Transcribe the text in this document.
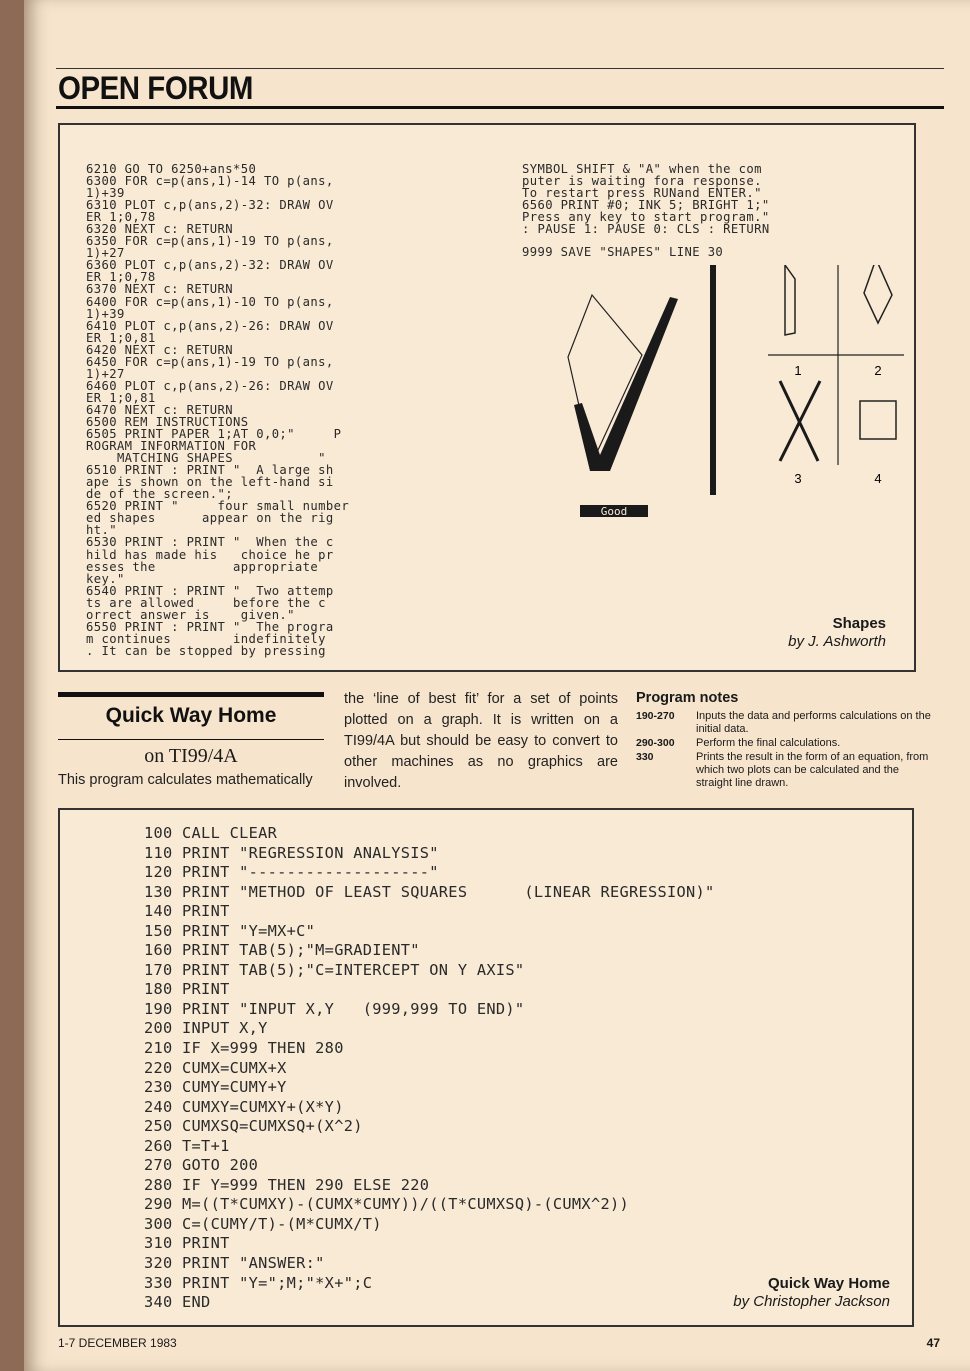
OPEN FORUM
6210 GO TO 6250+ans*50
6300 FOR c=p(ans,1)-14 TO p(ans,
1)+39
6310 PLOT c,p(ans,2)-32: DRAW OV
ER 1;0,78
6320 NEXT c: RETURN
6350 FOR c=p(ans,1)-19 TO p(ans,
1)+27
6360 PLOT c,p(ans,2)-32: DRAW OV
ER 1;0,78
6370 NEXT c: RETURN
6400 FOR c=p(ans,1)-10 TO p(ans,
1)+39
6410 PLOT c,p(ans,2)-26: DRAW OV
ER 1;0,81
6420 NEXT c: RETURN
6450 FOR c=p(ans,1)-19 TO p(ans,
1)+27
6460 PLOT c,p(ans,2)-26: DRAW OV
ER 1;0,81
6470 NEXT c: RETURN
6500 REM INSTRUCTIONS
6505 PRINT PAPER 1;AT 0,0;"     P
ROGRAM INFORMATION FOR
MATCHING SHAPES           "
6510 PRINT : PRINT "  A large sh
ape is shown on the left-hand si
de of the screen.";
6520 PRINT "     four small number
ed shapes      appear on the rig
ht."
6530 PRINT : PRINT "  When the c
hild has made his   choice he pr
esses the          appropriate
key."
6540 PRINT : PRINT "  Two attemp
ts are allowed     before the c
orrect answer is    given."
6550 PRINT : PRINT "  The progra
m continues        indefinitely
. It can be stopped by pressing
SYMBOL SHIFT & "A" when the com
puter is waiting fora response.
To restart press RUNand ENTER."
6560 PRINT #0; INK 5; BRIGHT 1;"
Press any key to start program."
: PAUSE 1: PAUSE 0: CLS : RETURN
9999 SAVE "SHAPES" LINE 30
Good
1	2
3	4
Shapes
by J. Ashworth
Quick Way Home
on TI99/4A

This program calculates mathematically

the ‘line of best fit’ for a set of points plotted on a graph. It is written on a TI99/4A but should be easy to convert to other machines as no graphics are involved.

Program notes
190-270	Inputs the data and performs calculations on the initial data.
290-300	Perform the final calculations.
330	Prints the result in the form of an equation, from which two plots can be calculated and the straight line drawn.
100 CALL CLEAR
110 PRINT "REGRESSION ANALYSIS"
120 PRINT "-------------------"
130 PRINT "METHOD OF LEAST SQUARES      (LINEAR REGRESSION)"
140 PRINT
150 PRINT "Y=MX+C"
160 PRINT TAB(5);"M=GRADIENT"
170 PRINT TAB(5);"C=INTERCEPT ON Y AXIS"
180 PRINT
190 PRINT "INPUT X,Y   (999,999 TO END)"
200 INPUT X,Y
210 IF X=999 THEN 280
220 CUMX=CUMX+X
230 CUMY=CUMY+Y
240 CUMXY=CUMXY+(X*Y)
250 CUMXSQ=CUMXSQ+(X^2)
260 T=T+1
270 GOTO 200
280 IF Y=999 THEN 290 ELSE 220
290 M=((T*CUMXY)-(CUMX*CUMY))/((T*CUMXSQ)-(CUMX^2))
300 C=(CUMY/T)-(M*CUMX/T)
310 PRINT
320 PRINT "ANSWER:"
330 PRINT "Y=";M;"*X+";C
340 END
Quick Way Home
by Christopher Jackson
1-7 DECEMBER 1983	47
